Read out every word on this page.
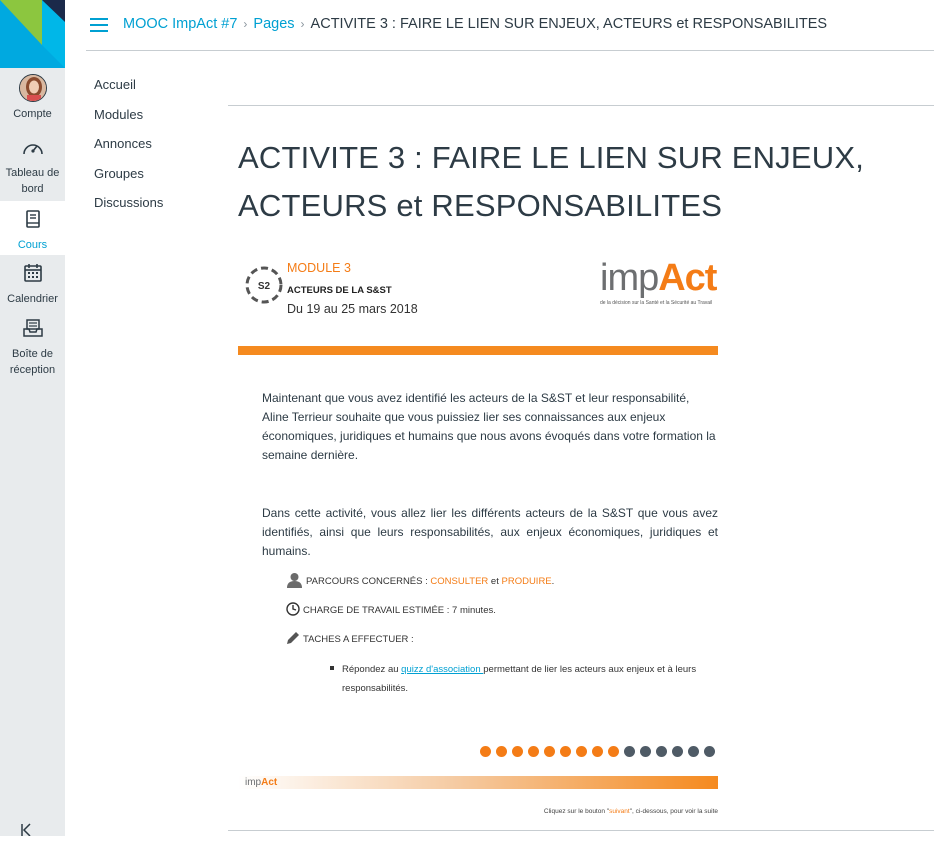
Compte
Tableau de bord
Cours
Calendrier
Boîte de réception
MOOC ImpAct #7 › Pages › ACTIVITE 3 : FAIRE LE LIEN SUR ENJEUX, ACTEURS et RESPONSABILITES
Accueil
Modules
Annonces
Groupes
Discussions
ACTIVITE 3 : FAIRE LE LIEN SUR ENJEUX, ACTEURS et RESPONSABILITES
S2
MODULE 3
ACTEURS DE LA S&ST
Du 19 au 25 mars 2018
impAct
de la décision sur la Santé et la Sécurité au Travail

Maintenant que vous avez identifié les acteurs de la S&ST et leur responsabilité, Aline Terrieur souhaite que vous puissiez lier ses connaissances aux enjeux économiques, juridiques et humains que nous avons évoqués dans votre formation la semaine dernière.

Dans cette activité, vous allez lier les différents acteurs de la S&ST que vous avez identifiés, ainsi que leurs responsabilités, aux enjeux économiques, juridiques et humains.

PARCOURS CONCERNÉS : CONSULTER et PRODUIRE.
CHARGE DE TRAVAIL ESTIMÉE : 7 minutes.
TACHES A EFFECTUER :
Répondez au quizz d'association permettant de lier les acteurs aux enjeux et à leurs responsabilités.
impAct
Cliquez sur le bouton "suivant", ci-dessous, pour voir la suite
